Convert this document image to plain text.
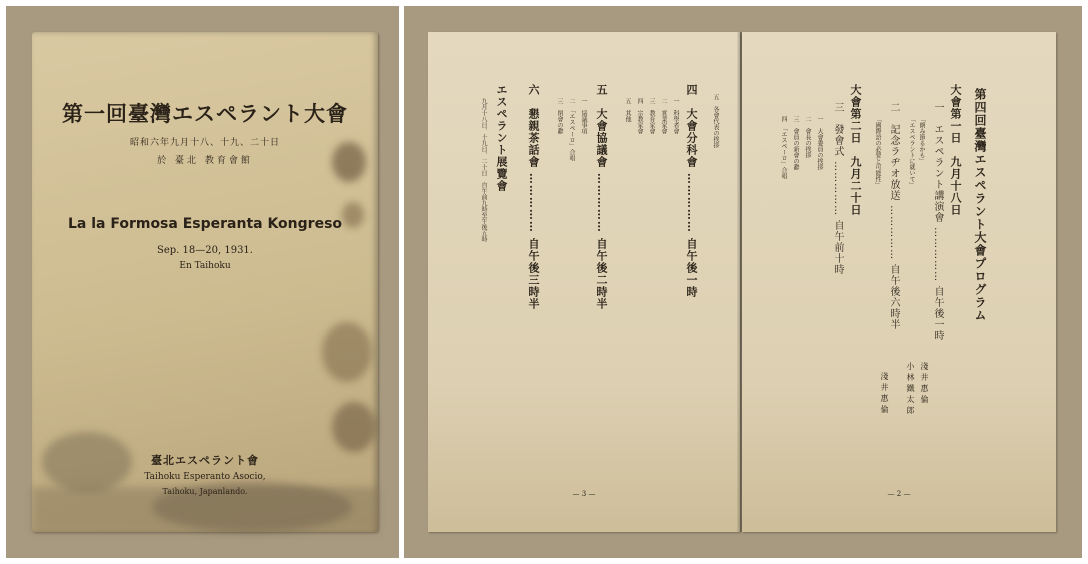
第一回臺灣エスペラント大會
昭和六年九月十八、十九、二十日
於 臺北 教育會館
La la Formosa Esperanta Kongreso
Sep. 18—20, 1931.
En Taihoku
臺北エスペラント會
Taihoku Esperanto Asocio,
Taihoku, Japanlando.
四　大會分科會 …………… 自午後一時 五　各會代表の挨拶
一　科學者會
二　實業家會
三　教育家會
四　宗教家會
五　其他
五　大會協議會 …………… 自午後二時半
一　協議事項
二　「エスペーロ」合唱
三　閉會の辭
六　懇親茶話會 …………… 自午後三時半
エスペラント展覽會
九月十八日、十九日、二十日　自午前九時至午後五時
— 3 —
第四回臺灣エスペラント大會プログラム
大會第一日　九月十八日
一　エスペラント講演會 …………… 自午後一時
「朗み節るかも」
「エスペラントに就いて」
淺井惠倫
小林鐵太郎
二　記念ラヂオ放送 …………… 自午後六時半
「國際語の必要と可能性」
淺井惠倫
大會第二日　九月二十日
三　發會式 …………… 自午前十時
一　大會委員の挨拶
二　會長の挨拶
三　會員の新會の辭
四　「エスペーロ」合唱
— 2 —
